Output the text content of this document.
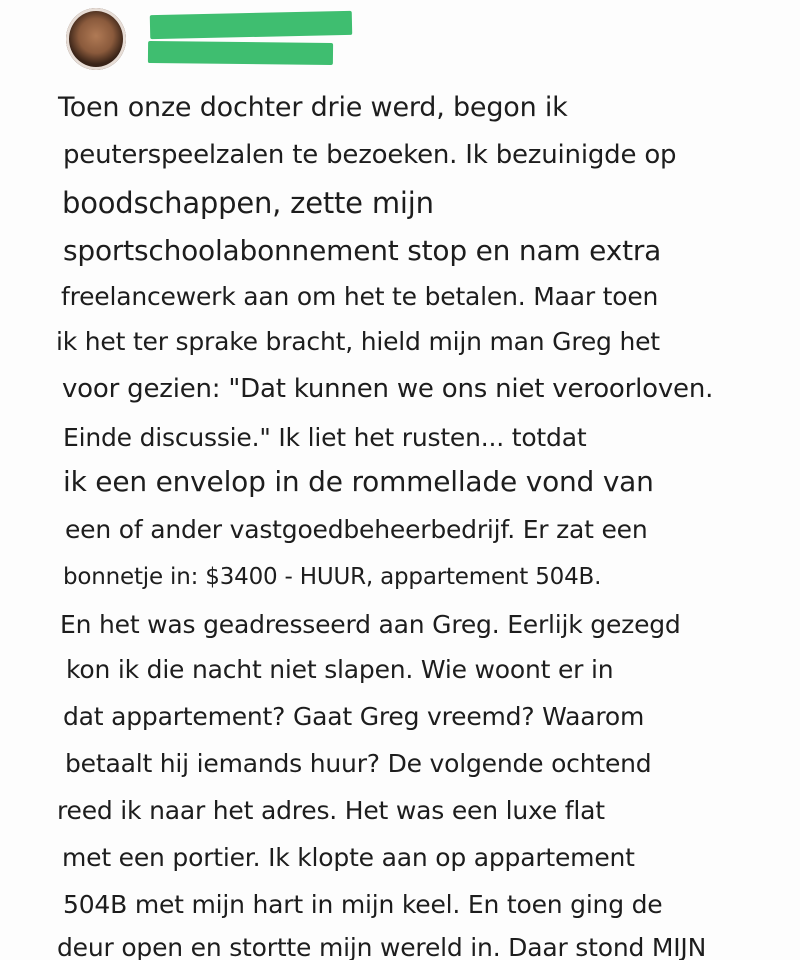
Toen onze dochter drie werd, begon ik
peuterspeelzalen te bezoeken. Ik bezuinigde op
boodschappen, zette mijn
sportschoolabonnement stop en nam extra
freelancewerk aan om het te betalen. Maar toen
ik het ter sprake bracht, hield mijn man Greg het
voor gezien: "Dat kunnen we ons niet veroorloven.
Einde discussie." Ik liet het rusten... totdat
ik een envelop in de rommellade vond van
een of ander vastgoedbeheerbedrijf. Er zat een
bonnetje in: $3400 - HUUR, appartement 504B.
En het was geadresseerd aan Greg. Eerlijk gezegd
kon ik die nacht niet slapen. Wie woont er in
dat appartement? Gaat Greg vreemd? Waarom
betaalt hij iemands huur? De volgende ochtend
reed ik naar het adres. Het was een luxe flat
met een portier. Ik klopte aan op appartement
504B met mijn hart in mijn keel. En toen ging de
deur open en stortte mijn wereld in. Daar stond MIJN
